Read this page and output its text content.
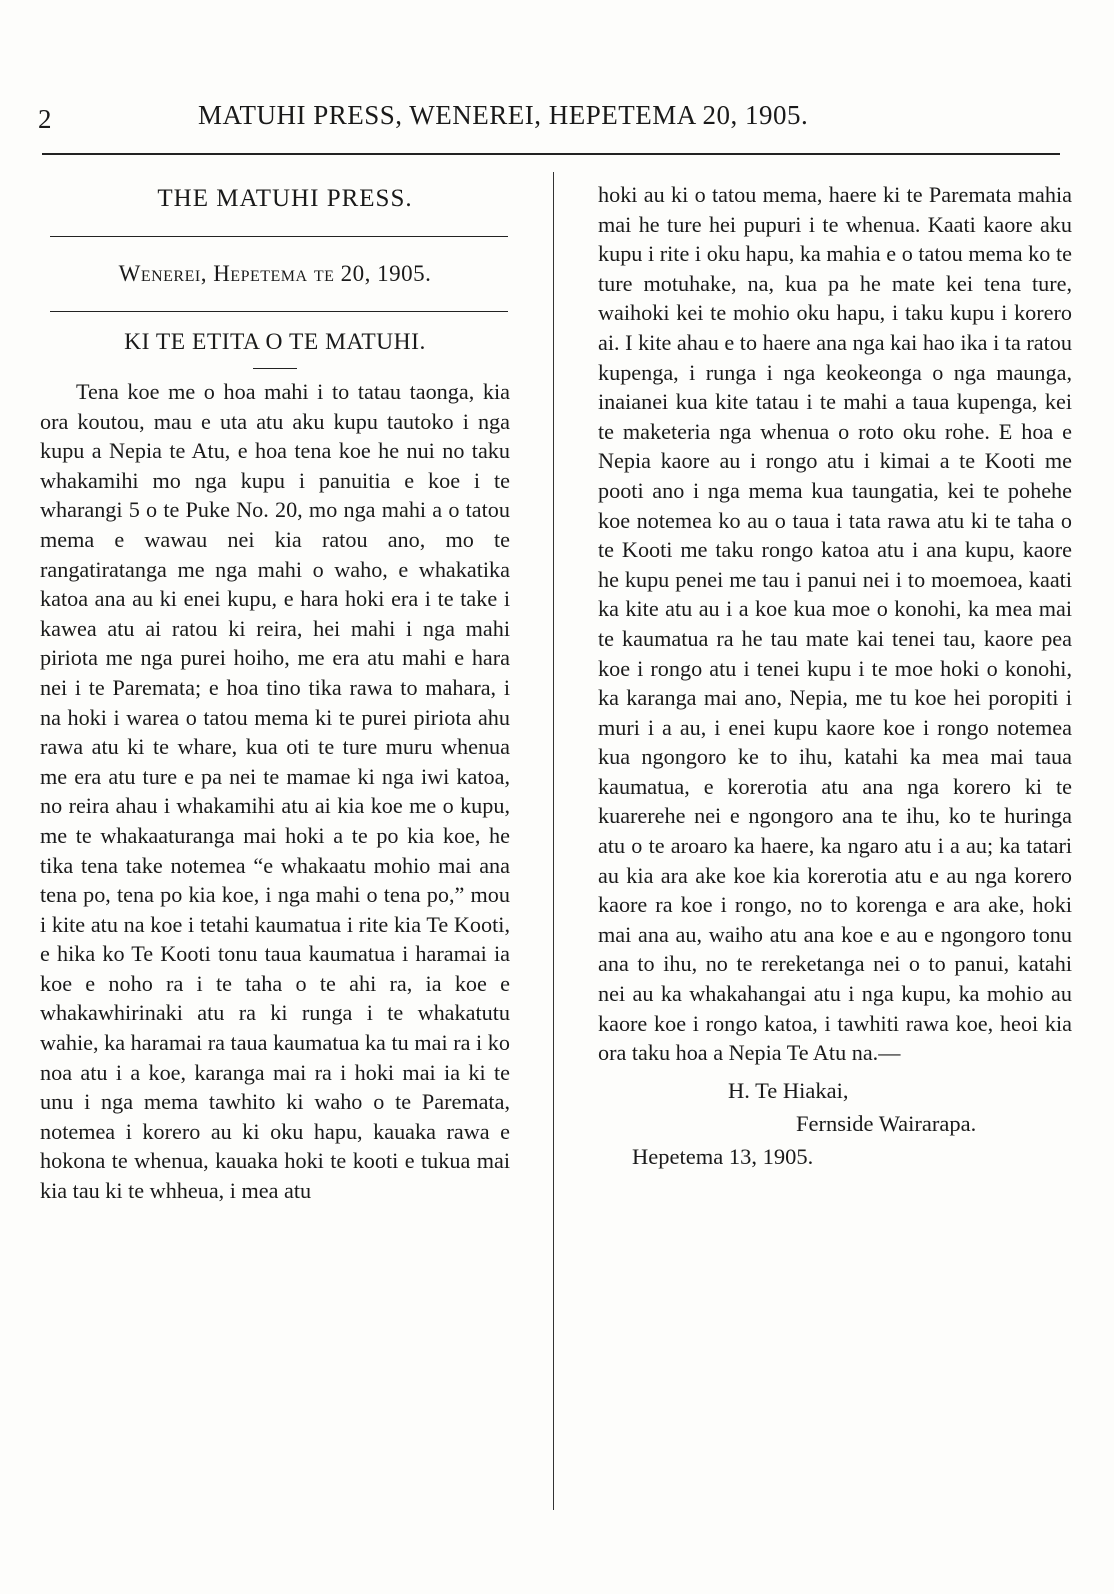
2	MATUHI PRESS, WENEREI, HEPETEMA 20, 1905.
THE MATUHI PRESS.
Wenerei, Hepetema te 20, 1905.
KI TE ETITA O TE MATUHI.

Tena koe me o hoa mahi i to tatau taonga, kia ora koutou, mau e uta atu aku kupu tautoko i nga kupu a Nepia te Atu, e hoa tena koe he nui no taku whakamihi mo nga kupu i panuitia e koe i te wharangi 5 o te Puke No. 20, mo nga mahi a o tatou mema e wawau nei kia ratou ano, mo te rangatiratanga me nga mahi o waho, e whakatika katoa ana au ki enei kupu, e hara hoki era i te take i kawea atu ai ratou ki reira, hei mahi i nga mahi piriota me nga purei hoiho, me era atu mahi e hara nei i te Paremata; e hoa tino tika rawa to mahara, i na hoki i warea o tatou mema ki te purei piriota ahu rawa atu ki te whare, kua oti te ture muru whenua me era atu ture e pa nei te mamae ki nga iwi katoa, no reira ahau i whakamihi atu ai kia koe me o kupu, me te whakaaturanga mai hoki a te po kia koe, he tika tena take notemea “e whakaatu mohio mai ana tena po, tena po kia koe, i nga mahi o tena po,” mou i kite atu na koe i tetahi kaumatua i rite kia Te Kooti, e hika ko Te Kooti tonu taua kaumatua i haramai ia koe e noho ra i te taha o te ahi ra, ia koe e whakawhirinaki atu ra ki runga i te whakatutu wahie, ka haramai ra taua kaumatua ka tu mai ra i ko noa atu i a koe, karanga mai ra i hoki mai ia ki te unu i nga mema tawhito ki waho o te Paremata, notemea i korero au ki oku hapu, kauaka rawa e hokona te whenua, kauaka hoki te kooti e tukua mai kia tau ki te whheua, i mea atu

hoki au ki o tatou mema, haere ki te Paremata mahia mai he ture hei pupuri i te whenua. Kaati kaore aku kupu i rite i oku hapu, ka mahia e o tatou mema ko te ture motuhake, na, kua pa he mate kei tena ture, waihoki kei te mohio oku hapu, i taku kupu i korero ai. I kite ahau e to haere ana nga kai hao ika i ta ratou kupenga, i runga i nga keokeonga o nga maunga, inaianei kua kite tatau i te mahi a taua kupenga, kei te maketeria nga whenua o roto oku rohe. E hoa e Nepia kaore au i rongo atu i kimai a te Kooti me pooti ano i nga mema kua taungatia, kei te pohehe koe notemea ko au o taua i tata rawa atu ki te taha o te Kooti me taku rongo katoa atu i ana kupu, kaore he kupu penei me tau i panui nei i to moemoea, kaati ka kite atu au i a koe kua moe o konohi, ka mea mai te kaumatua ra he tau mate kai tenei tau, kaore pea koe i rongo atu i tenei kupu i te moe hoki o konohi, ka karanga mai ano, Nepia, me tu koe hei poropiti i muri i a au, i enei kupu kaore koe i rongo notemea kua ngongoro ke to ihu, katahi ka mea mai taua kaumatua, e korerotia atu ana nga korero ki te kuarerehe nei e ngongoro ana te ihu, ko te huringa atu o te aroaro ka haere, ka ngaro atu i a au; ka tatari au kia ara ake koe kia korerotia atu e au nga korero kaore ra koe i rongo, no to korenga e ara ake, hoki mai ana au, waiho atu ana koe e au e ngongoro tonu ana to ihu, no te rereketanga nei o to panui, katahi nei au ka whakahangai atu i nga kupu, ka mohio au kaore koe i rongo katoa, i tawhiti rawa koe, heoi kia ora taku hoa a Nepia Te Atu na.—

H. Te Hiakai,
Fernside Wairarapa.
Hepetema 13, 1905.
